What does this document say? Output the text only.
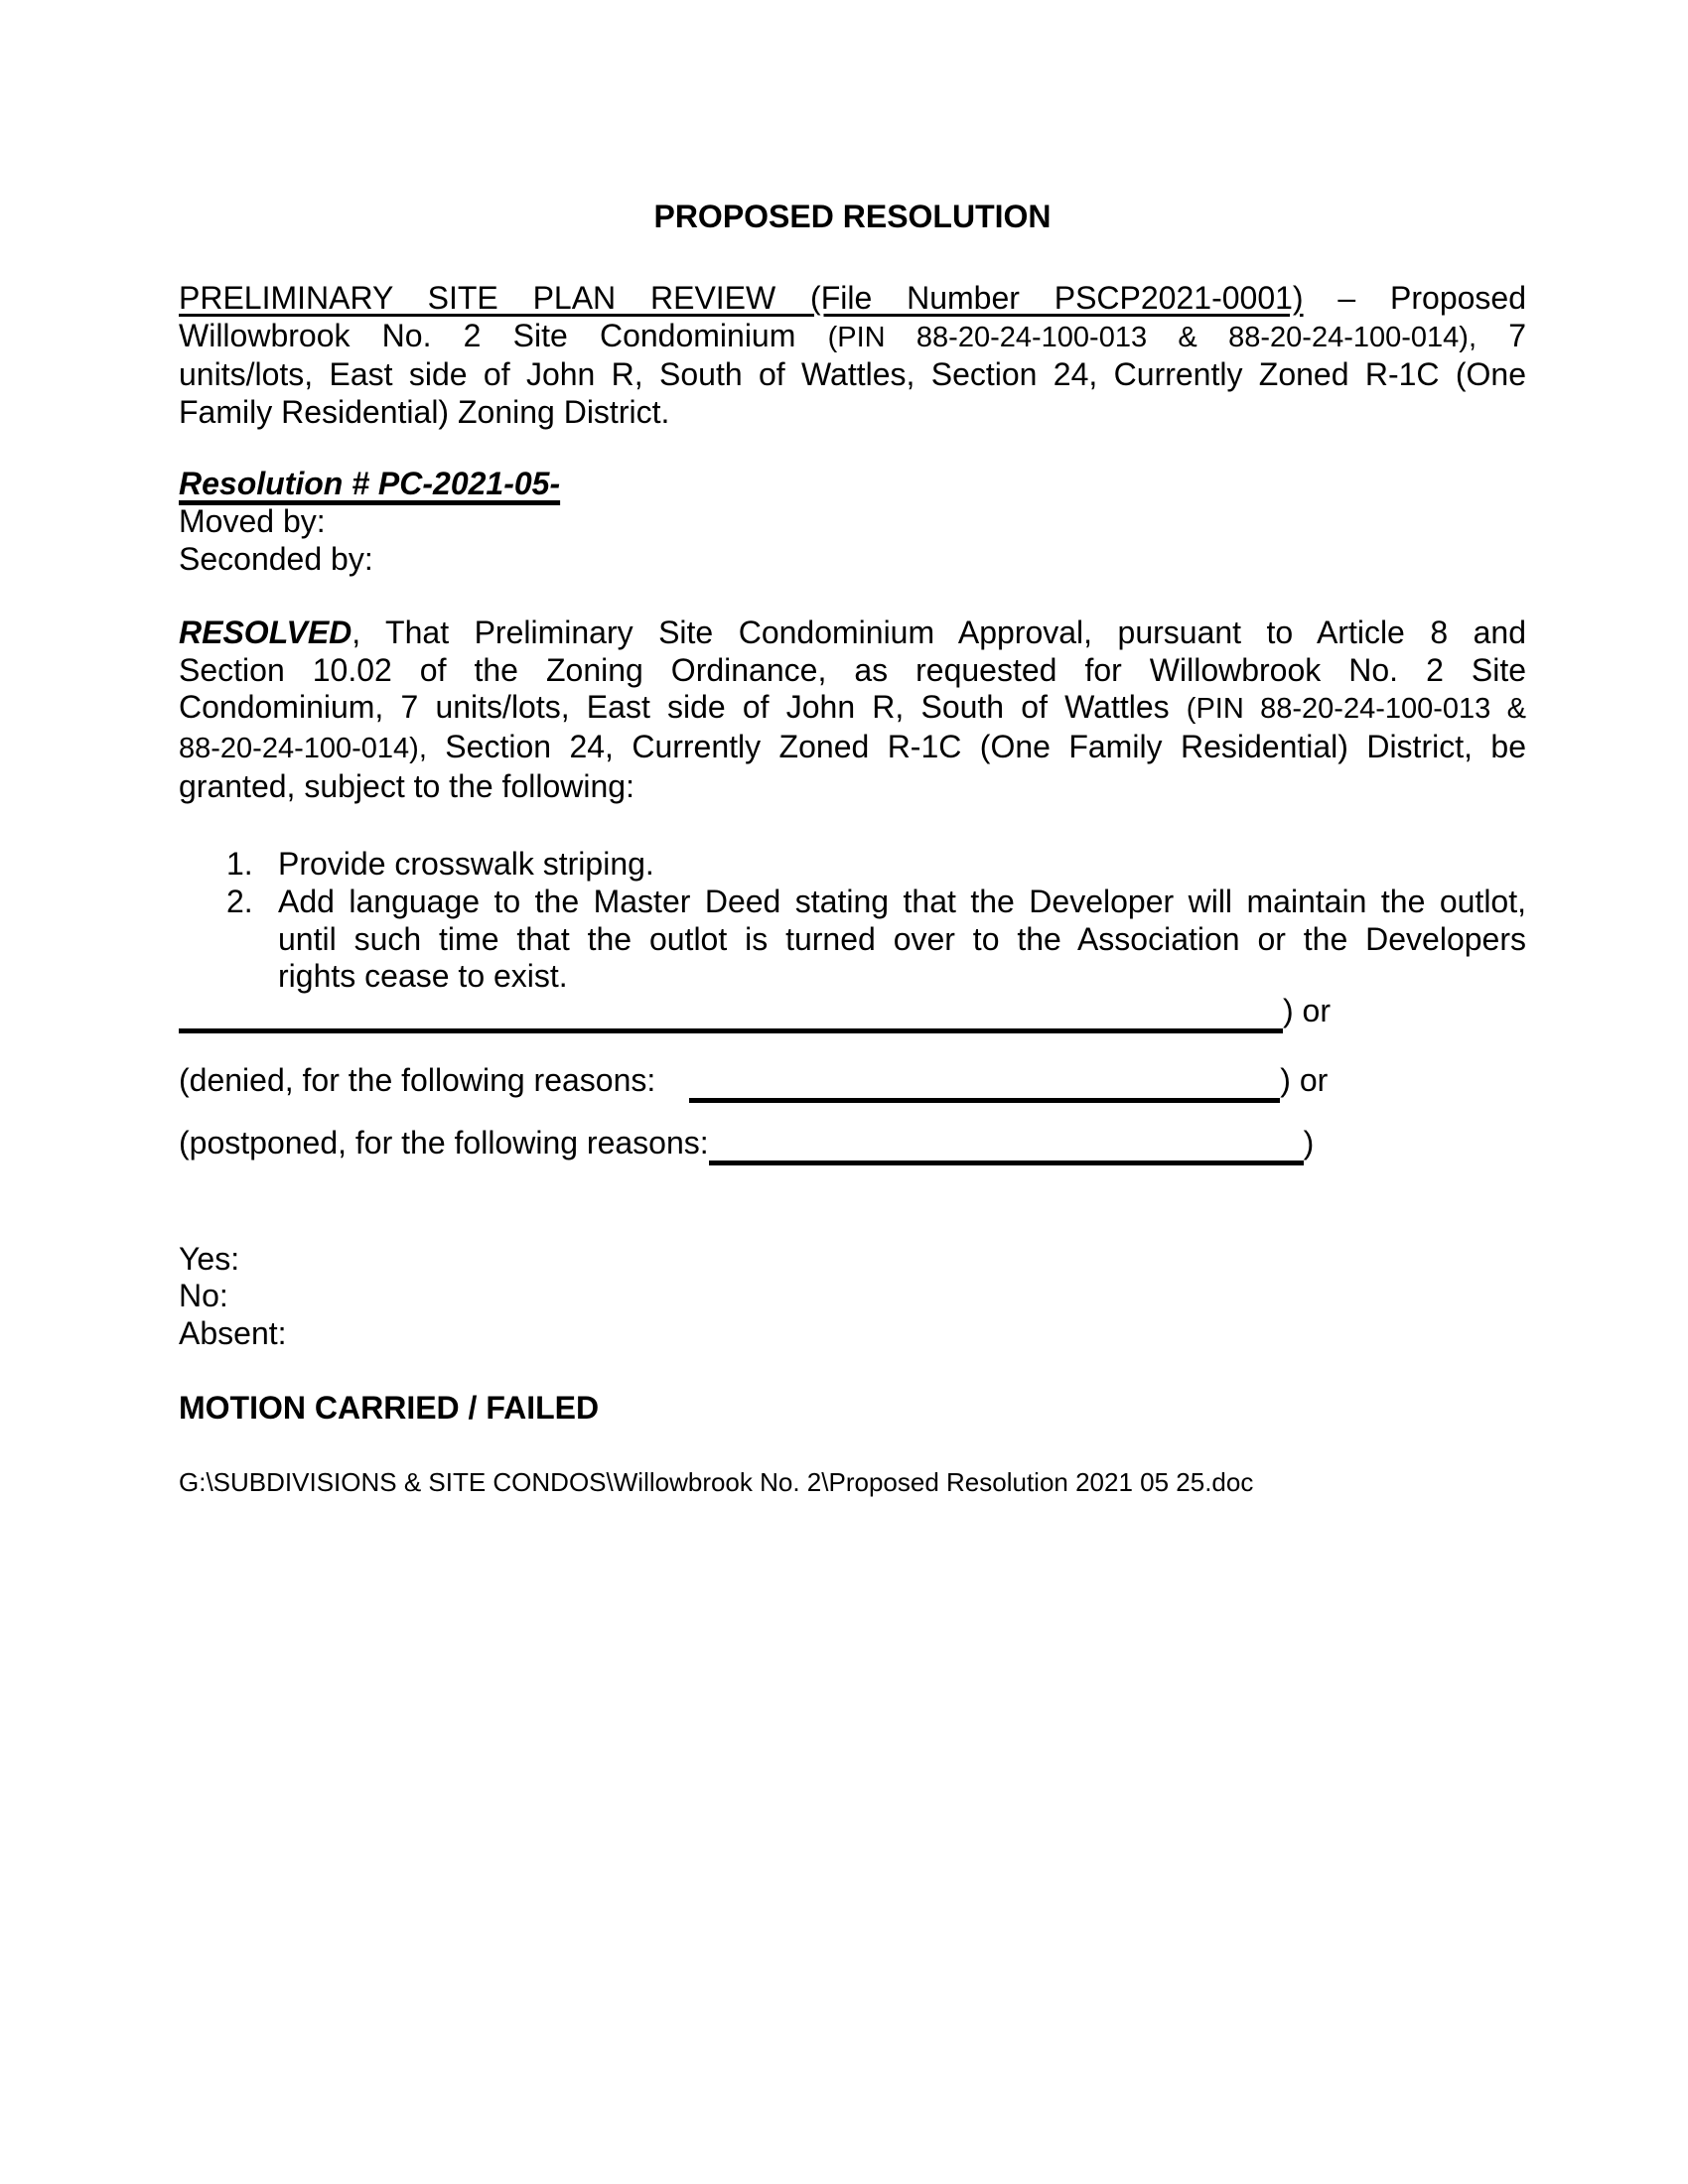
PROPOSED RESOLUTION
PRELIMINARY SITE PLAN REVIEW (File Number PSCP2021-0001) – Proposed
Willowbrook No. 2 Site Condominium (PIN 88-20-24-100-013 & 88-20-24-100-014), 7
units/lots, East side of John R, South of Wattles, Section 24, Currently Zoned R-1C (One
Family Residential) Zoning District.
Resolution # PC-2021-05-
Moved by:
Seconded by:
RESOLVED, That Preliminary Site Condominium Approval, pursuant to Article 8 and
Section 10.02 of the Zoning Ordinance, as requested for Willowbrook No. 2 Site
Condominium, 7 units/lots, East side of John R, South of Wattles (PIN 88-20-24-100-013 &
88-20-24-100-014), Section 24, Currently Zoned R-1C (One Family Residential) District, be
granted, subject to the following:
1. Provide crosswalk striping.
2. Add language to the Master Deed stating that the Developer will maintain the outlot,
until such time that the outlot is turned over to the Association or the Developers
rights cease to exist.
) or
(denied, for the following reasons:	) or
(postponed, for the following reasons:	)
Yes:
No:
Absent:
MOTION CARRIED / FAILED
G:\SUBDIVISIONS & SITE CONDOS\Willowbrook No. 2\Proposed Resolution 2021 05 25.doc
